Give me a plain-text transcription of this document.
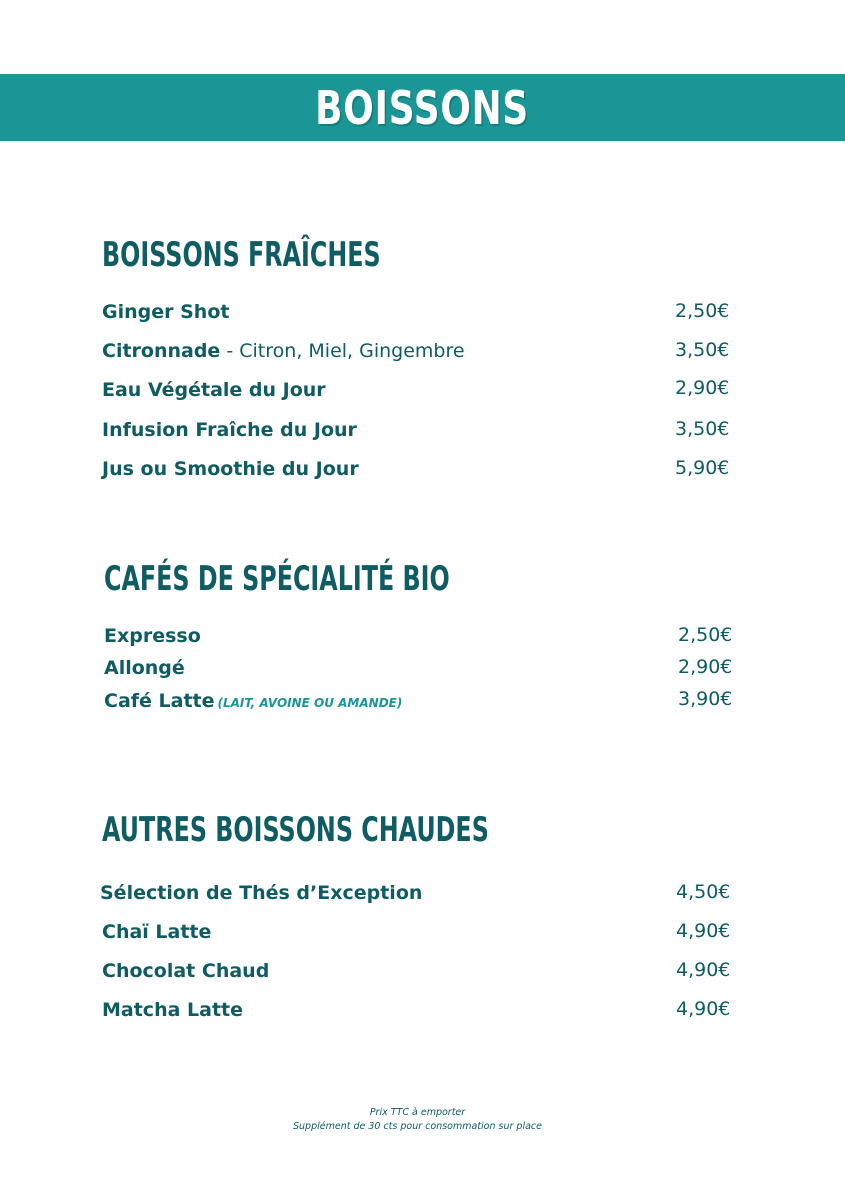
BOISSONS
BOISSONS FRAÎCHES
Ginger Shot	2,50€
Citronnade - Citron, Miel, Gingembre	3,50€
Eau Végétale du Jour	2,90€
Infusion Fraîche du Jour	3,50€
Jus ou Smoothie du Jour	5,90€
CAFÉS DE SPÉCIALITÉ BIO
Expresso	2,50€
Allongé	2,90€
Café Latte (LAIT, AVOINE OU AMANDE)	3,90€
AUTRES BOISSONS CHAUDES
Sélection de Thés d’Exception	4,50€
Chaï Latte	4,90€
Chocolat Chaud	4,90€
Matcha Latte	4,90€
Prix TTC à emporter
Supplément de 30 cts pour consommation sur place
